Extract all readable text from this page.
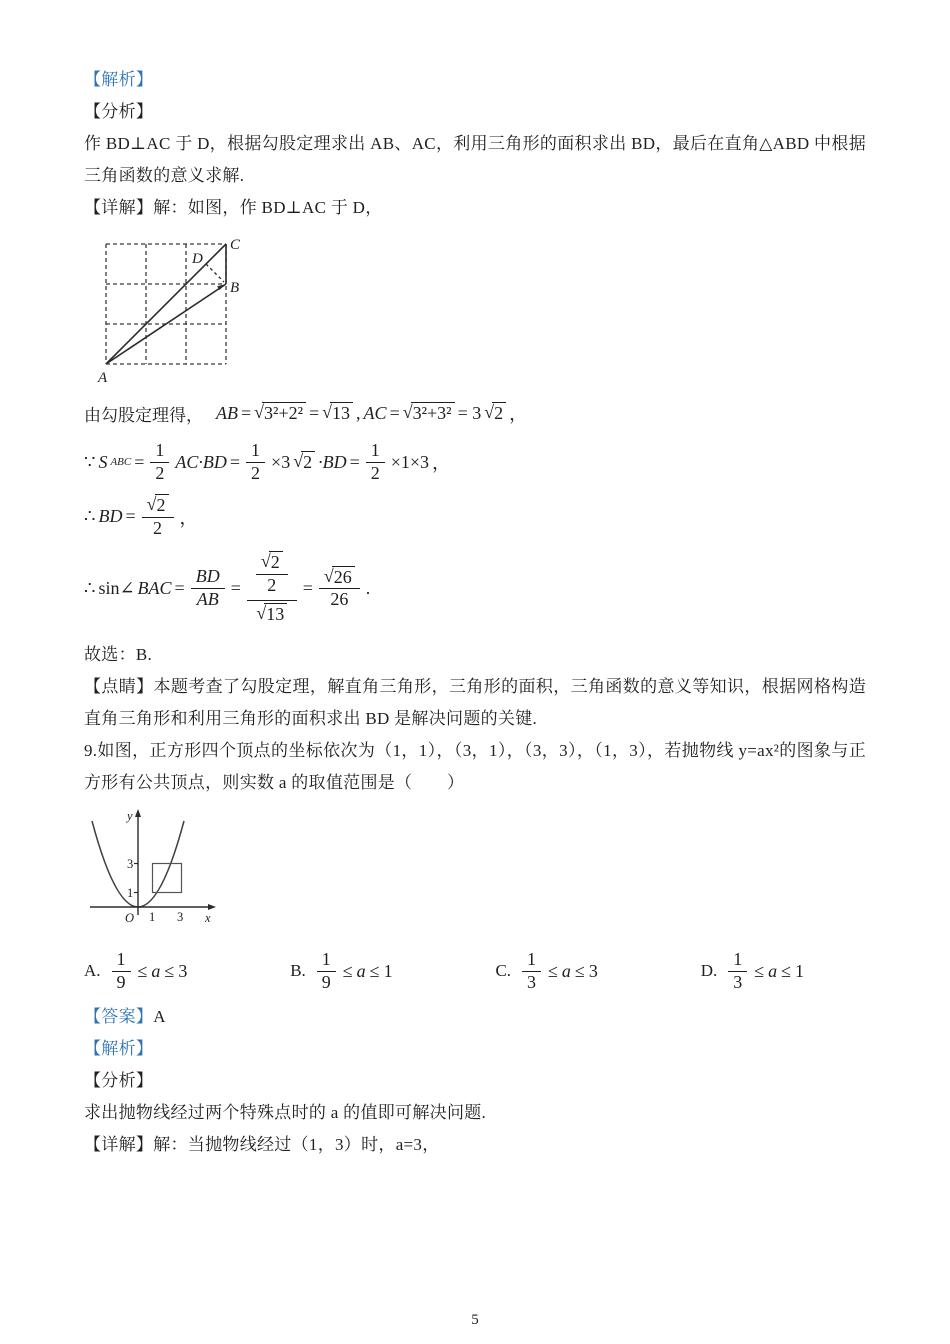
【解析】

【分析】

作 BD⊥AC 于 D，根据勾股定理求出 AB、AC，利用三角形的面积求出 BD，最后在直角△ABD 中根据三角函数的意义求解.

【详解】解：如图，作 BD⊥AC 于 D，

A
C
B
D
由勾股定理得， AB = √3²+2² = √13 , AC = √3²+3² = 3 √2 ，
∵ S ABC = $\frac{1}{2} AC\cdot BD = \frac{1}{2} \times 3$ $√2 \cdot BD = \frac{1}{2} \times 1\times 3$ ，
∴ BD = $\frac{√2}{2}$ ，
∴ sin∠ BAC = $\frac{BD}{AB} = \frac{\frac{√2}{2}}{√13} = \frac{√26}{26}$ .

故选：B.

【点睛】本题考查了勾股定理，解直角三角形，三角形的面积，三角函数的意义等知识，根据网格构造直角三角形和利用三角形的面积求出 BD 是解决问题的关键.

9.如图，正方形四个顶点的坐标依次为（1，1），（3，1），（3，3），（1，3），若抛物线 y=ax²的图象与正方形有公共顶点，则实数 a 的取值范围是（　　）

3
1
1 3
O
y
x
A. $\frac{1}{9} \le a \le 3$	B. $\frac{1}{9} \le a \le 1$	C. $\frac{1}{3} \le a \le 3$	D. $\frac{1}{3} \le a \le 1$

【答案】A

【解析】

【分析】

求出抛物线经过两个特殊点时的 a 的值即可解决问题.

【详解】解：当抛物线经过（1，3）时，a=3，

5
